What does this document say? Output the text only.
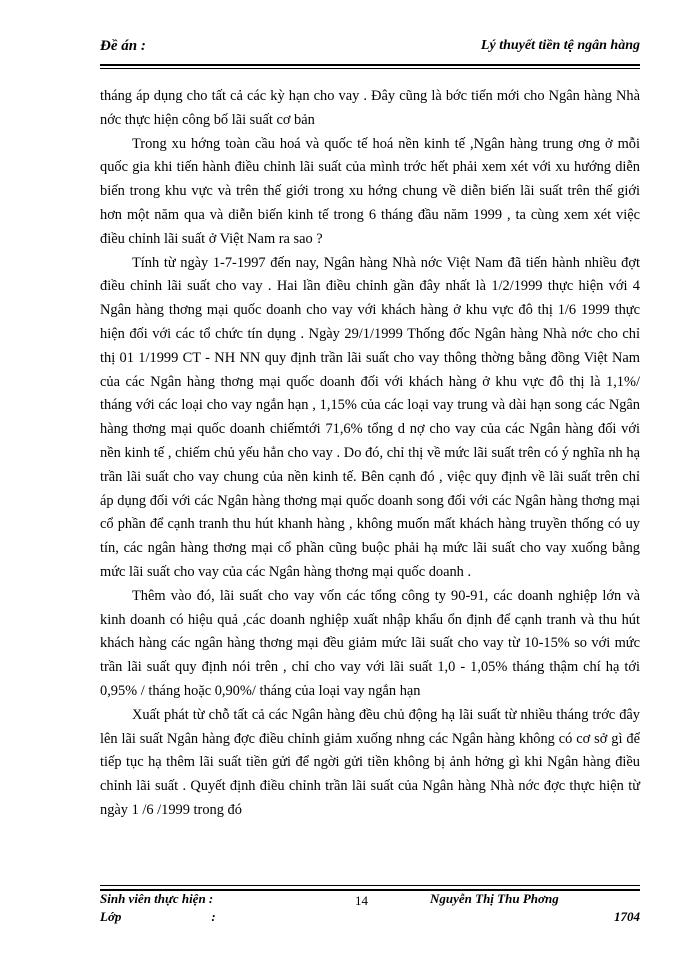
Đề án :	Lý thuyết tiền tệ ngân hàng

tháng áp dụng cho tất cả các kỳ hạn cho vay . Đây cũng là bớc tiến mới cho Ngân hàng Nhà nớc thực hiện công bố lãi suất cơ bản

Trong xu hớng toàn cầu hoá và quốc tế hoá nền kinh tế ,Ngân hàng trung ơng ở mỗi quốc gia khi tiến hành điều chỉnh lãi suất của mình trớc hết phải xem xét với xu hướng diễn biến trong khu vực và trên thế giới trong xu hớng chung về diễn biến lãi suất trên thế giới hơn một năm qua và diễn biến kinh tế trong 6 tháng đầu năm 1999 , ta cùng xem xét việc điều chỉnh lãi suất ở Việt Nam ra sao ?

Tính từ ngày 1-7-1997 đến nay, Ngân hàng Nhà nớc Việt Nam đã tiến hành nhiều đợt điều chỉnh lãi suất cho vay . Hai lần điều chỉnh gần đây nhất là 1/2/1999 thực hiện với 4 Ngân hàng thơng mại quốc doanh cho vay với khách hàng ở khu vực đô thị 1/6 1999 thực hiện đối với các tổ chức tín dụng . Ngày 29/1/1999 Thống đốc Ngân hàng Nhà nớc cho chỉ thị 01 1/1999 CT - NH NN quy định trần lãi suất cho vay thông thờng bằng đồng Việt Nam của các Ngân hàng thơng mại quốc doanh đối với khách hàng ở khu vực đô thị là 1,1%/ tháng với các loại cho vay ngắn hạn , 1,15% của các loại vay trung và dài hạn song các Ngân hàng thơng mại quốc doanh chiếmtới 71,6% tổng d nợ cho vay của các Ngân hàng đối với nền kinh tế , chiếm chủ yếu hẳn cho vay . Do đó, chỉ thị về mức lãi suất trên có ý nghĩa nh hạ trần lãi suất cho vay chung của nền kinh tế. Bên cạnh đó , việc quy định về lãi suất trên chỉ áp dụng đối với các Ngân hàng thơng mại quốc doanh song đối với các Ngân hàng thơng mại cổ phần để cạnh tranh thu hút khanh hàng , không muốn mất khách hàng truyền thống có uy tín, các ngân hàng thơng mại cổ phần cũng buộc phải hạ mức lãi suất cho vay xuống bằng mức lãi suất cho vay của các Ngân hàng thơng mại quốc doanh .

Thêm vào đó, lãi suất cho vay vốn các tổng công ty 90-91, các doanh nghiệp lớn và kinh doanh có hiệu quả ,các doanh nghiệp xuất nhập khẩu ổn định để cạnh tranh và thu hút khách hàng các ngân hàng thơng mại đều giảm mức lãi suất cho vay từ 10-15% so với mức trần lãi suất quy định nói trên , chỉ cho vay với lãi suất 1,0 - 1,05% tháng thậm chí hạ tới 0,95% / tháng hoặc 0,90%/ tháng của loại vay ngắn hạn

Xuất phát từ chỗ tất cả các Ngân hàng đều chủ động hạ lãi suất từ nhiều tháng trớc đây lên lãi suất Ngân hàng đợc điều chỉnh giảm xuống nhng các Ngân hàng không có cơ sở gì để tiếp tục hạ thêm lãi suất tiền gửi để ngời gửi tiền không bị ảnh hởng gì khi Ngân hàng điều chỉnh lãi suất . Quyết định điều chỉnh trần lãi suất của Ngân hàng Nhà nớc đợc thực hiện từ ngày 1 /6 /1999 trong đó

Sinh viên thực hiện :
Lớp	:
14	Nguyễn Thị Thu Phơng
1704
